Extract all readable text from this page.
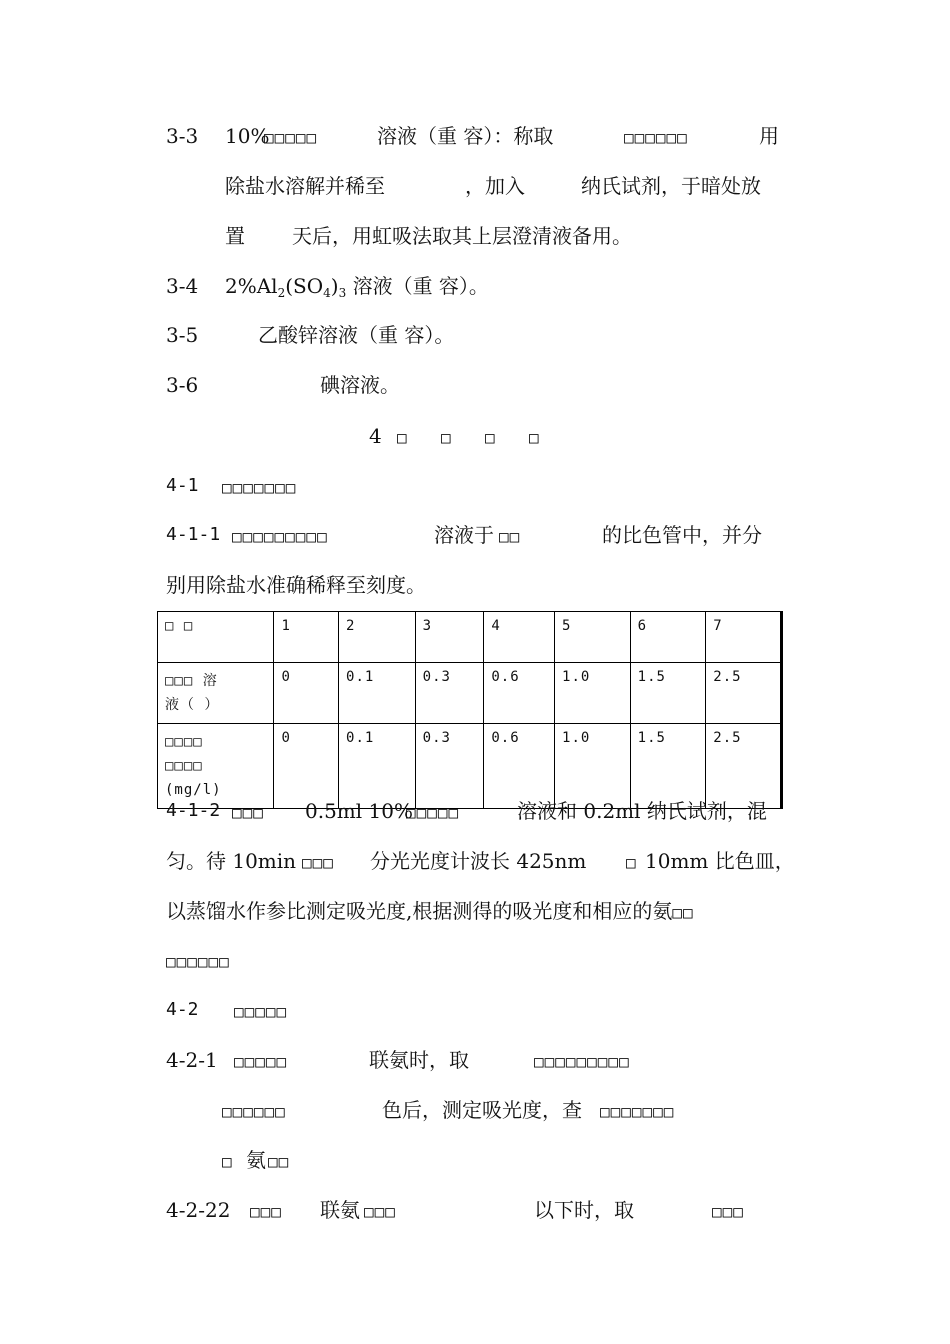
3-3 10%
□□□□□	溶液（重 容）：称取	□□□□□□	用
除盐水溶解并稀至	，加入	纳氏试剂，于暗处放
置 天后，用虹吸法取其上层澄清液备用。
3-4 $2\%Al_2(SO_4)_3$ 溶液（重 容）。
3-5	乙酸锌溶液（重 容）。
3-6	碘溶液。
4 □ □ □ □
4-1 □□□□□□□
4-1-1 □□□□□□□□□	溶液于 □□	的比色管中，并分
别用除盐水准确稀释至刻度。
□ □	1	2	3	4	5	6	7

□□□ 溶
液（ ）	0	0.1	0.3	0.6	1.0	1.5	2.5

□□□□
□□□□
(mg/l)	0	0.1	0.3	0.6	1.0	1.5	2.5
4-1-2 □□□ 0.5ml 10%
□□□□□	溶液和 0.2ml 纳氏试剂，混
匀。待 10min □□□ 分光光度计波长 425nm □ 10mm 比色皿，
以蒸馏水作参比测定吸光度,根据测得的吸光度和相应的氨□□
□□□□□□
4-2 □□□□□
4-2-1 □□□□□	联氨时，取	□□□□□□□□□
□□□□□□	色后，测定吸光度，查 □□□□□□□
□ 氨 □□
4-2-22 □□□ 联氨 □□□	以下时，取	□□□
